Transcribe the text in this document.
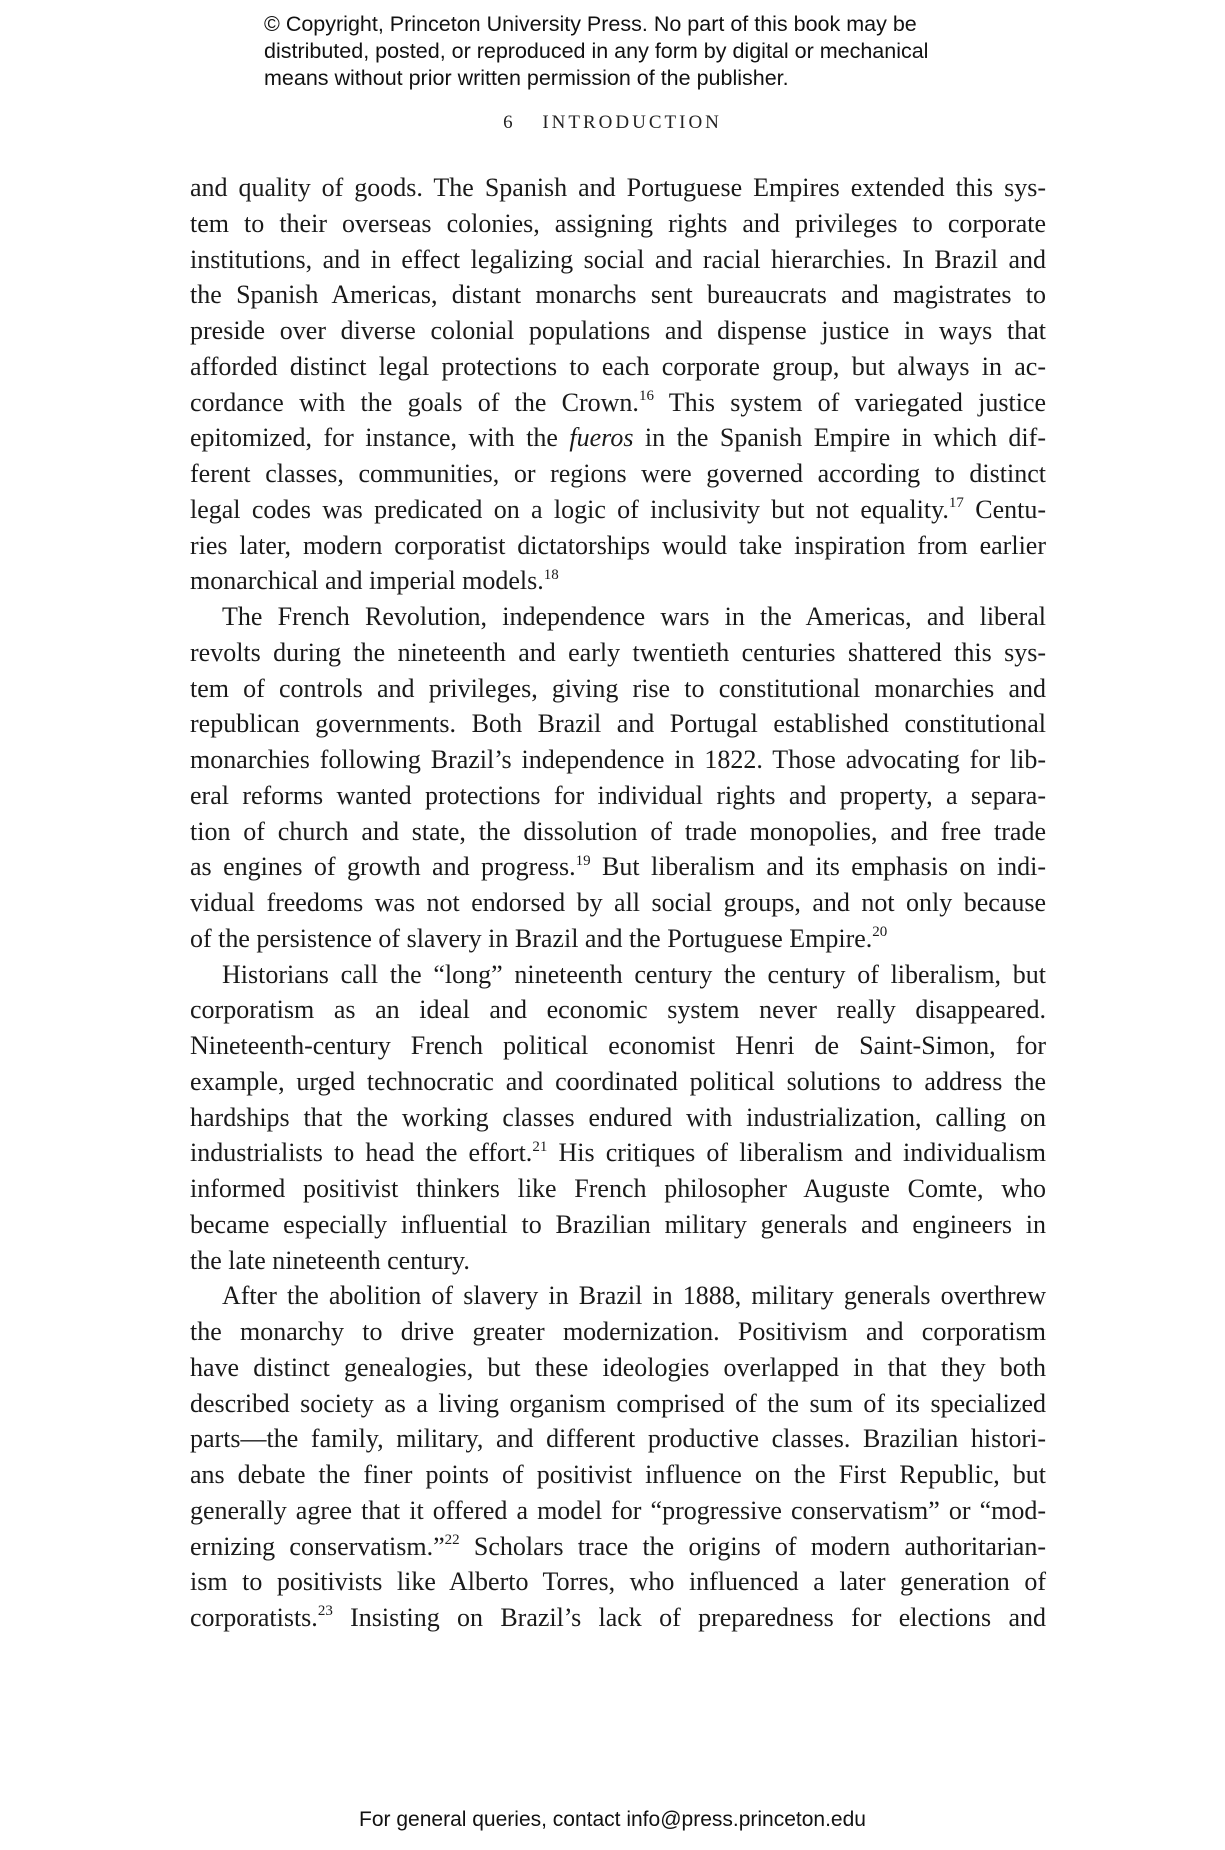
© Copyright, Princeton University Press. No part of this book may be
distributed, posted, or reproduced in any form by digital or mechanical
means without prior written permission of the publisher.
6 INTRODUCTION
and quality of goods. The Spanish and Portuguese Empires extended this sys-
tem to their overseas colonies, assigning rights and privileges to corporate
institutions, and in effect legalizing social and racial hierarchies. In Brazil and
the Spanish Americas, distant monarchs sent bureaucrats and magistrates to
preside over diverse colonial populations and dispense justice in ways that
afforded distinct legal protections to each corporate group, but always in ac-
cordance with the goals of the Crown.$^{16}$ This system of variegated justice
epitomized, for instance, with the fueros in the Spanish Empire in which dif-
ferent classes, communities, or regions were governed according to distinct
legal codes was predicated on a logic of inclusivity but not equality.$^{17}$ Centu-
ries later, modern corporatist dictatorships would take inspiration from earlier
monarchical and imperial models.$^{18}$
The French Revolution, independence wars in the Americas, and liberal
revolts during the nineteenth and early twentieth centuries shattered this sys-
tem of controls and privileges, giving rise to constitutional monarchies and
republican governments. Both Brazil and Portugal established constitutional
monarchies following Brazil’s independence in 1822. Those advocating for lib-
eral reforms wanted protections for individual rights and property, a separa-
tion of church and state, the dissolution of trade monopolies, and free trade
as engines of growth and progress.$^{19}$ But liberalism and its emphasis on indi-
vidual freedoms was not endorsed by all social groups, and not only because
of the persistence of slavery in Brazil and the Portuguese Empire.$^{20}$
Historians call the “long” nineteenth century the century of liberalism, but
corporatism as an ideal and economic system never really disappeared.
Nineteenth-century French political economist Henri de Saint-Simon, for
example, urged technocratic and coordinated political solutions to address the
hardships that the working classes endured with industrialization, calling on
industrialists to head the effort.$^{21}$ His critiques of liberalism and individualism
informed positivist thinkers like French philosopher Auguste Comte, who
became especially influential to Brazilian military generals and engineers in
the late nineteenth century.
After the abolition of slavery in Brazil in 1888, military generals overthrew
the monarchy to drive greater modernization. Positivism and corporatism
have distinct genealogies, but these ideologies overlapped in that they both
described society as a living organism comprised of the sum of its specialized
parts—the family, military, and different productive classes. Brazilian histori-
ans debate the finer points of positivist influence on the First Republic, but
generally agree that it offered a model for “progressive conservatism” or “mod-
ernizing conservatism.”$^{22}$ Scholars trace the origins of modern authoritarian-
ism to positivists like Alberto Torres, who influenced a later generation of
corporatists.$^{23}$ Insisting on Brazil’s lack of preparedness for elections and
For general queries, contact info@press.princeton.edu
